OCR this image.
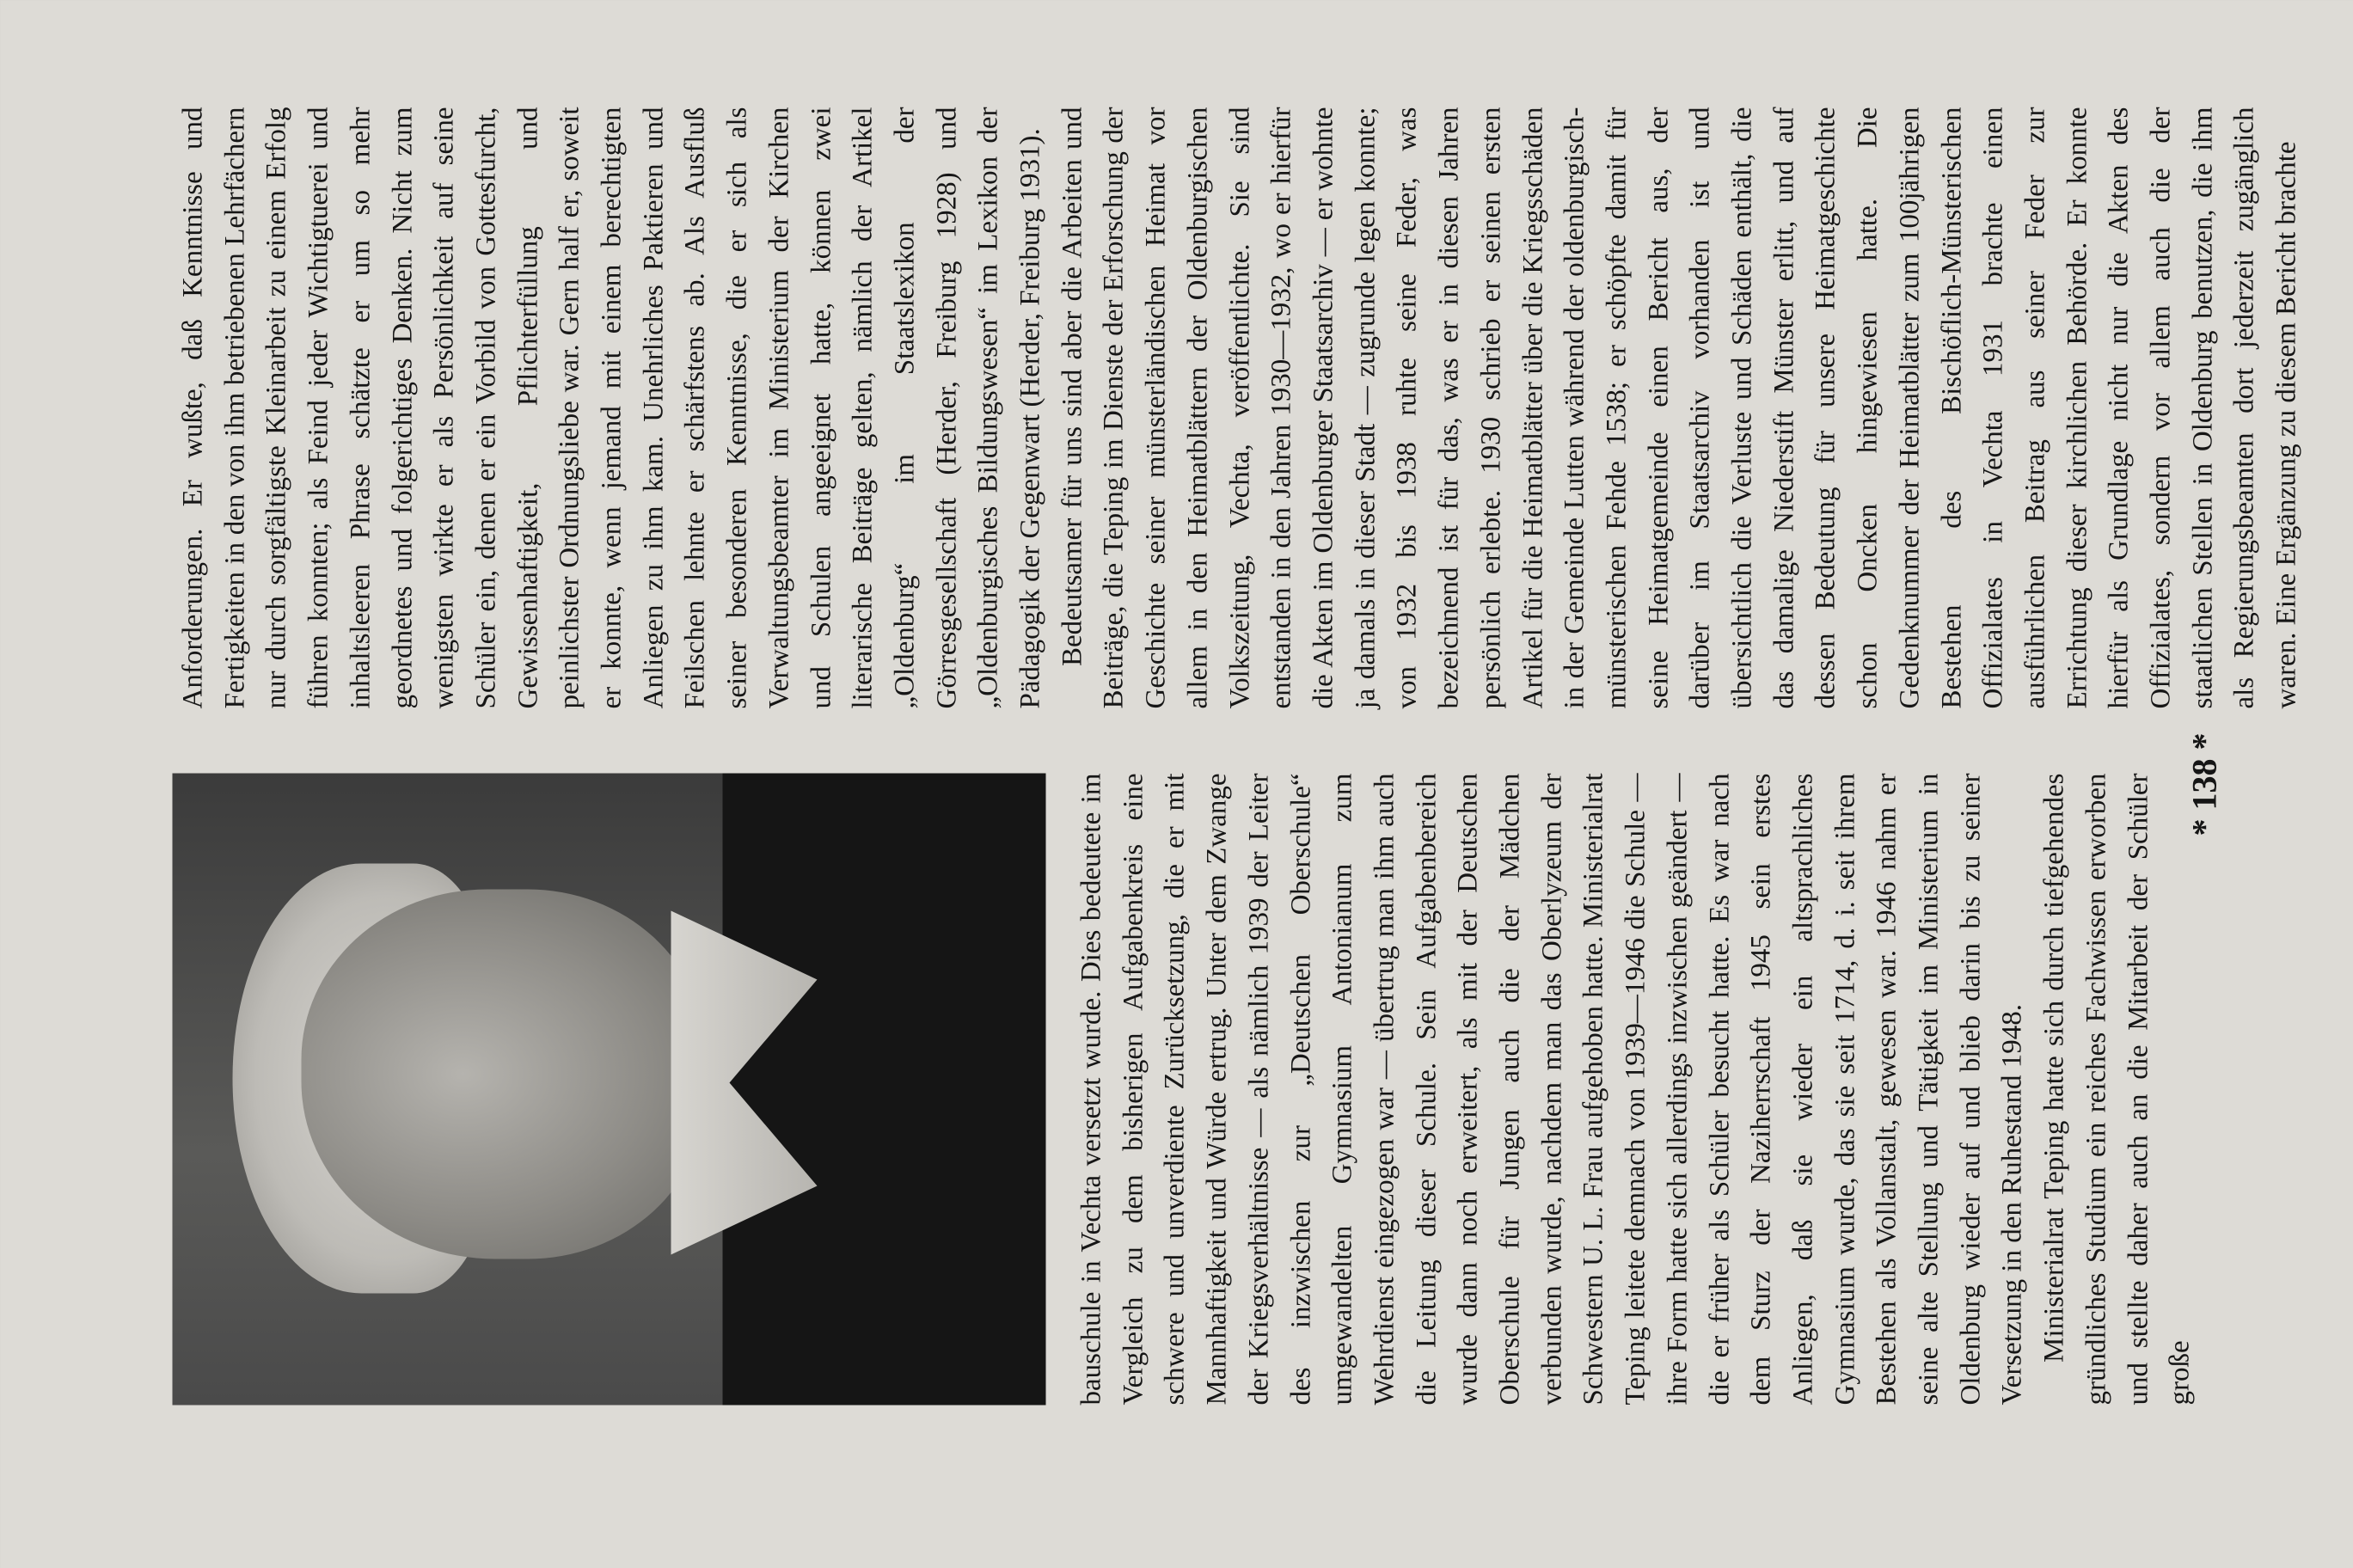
bauschule in Vechta versetzt wurde. Dies bedeutete im Vergleich zu dem bisherigen Aufgabenkreis eine schwere und unverdiente Zurücksetzung, die er mit Mannhaftigkeit und Würde ertrug. Unter dem Zwange der Kriegsverhältnisse — als nämlich 1939 der Leiter des inzwischen zur „Deutschen Oberschule“ umgewandelten Gymnasium Antonianum zum Wehrdienst eingezogen war — übertrug man ihm auch die Leitung dieser Schule. Sein Aufgabenbereich wurde dann noch erweitert, als mit der Deutschen Oberschule für Jungen auch die der Mädchen verbunden wurde, nachdem man das Oberlyzeum der Schwestern U. L. Frau aufgehoben hatte. Ministerialrat Teping leitete demnach von 1939—1946 die Schule — ihre Form hatte sich allerdings inzwischen geändert — die er früher als Schüler besucht hatte. Es war nach dem Sturz der Naziherrschaft 1945 sein erstes Anliegen, daß sie wieder ein altsprachliches Gymnasium wurde, das sie seit 1714, d. i. seit ihrem Bestehen als Vollanstalt, gewesen war. 1946 nahm er seine alte Stellung und Tätigkeit im Ministerium in Oldenburg wieder auf und blieb darin bis zu seiner Versetzung in den Ruhestand 1948. Ministerialrat Teping hatte sich durch tiefgehendes gründliches Studium ein reiches Fachwissen erworben und stellte daher auch an die Mitarbeit der Schüler große

Anforderungen. Er wußte, daß Kenntnisse und Fertigkeiten in den von ihm betriebenen Lehrfächern nur durch sorgfältigste Kleinarbeit zu einem Erfolg führen konnten; als Feind jeder Wichtigtuerei und inhaltsleeren Phrase schätzte er um so mehr geordnetes und folgerichtiges Denken. Nicht zum wenigsten wirkte er als Persönlichkeit auf seine Schüler ein, denen er ein Vorbild von Gottesfurcht, Gewissenhaftigkeit, Pflichterfüllung und peinlichster Ordnungsliebe war. Gern half er, soweit er konnte, wenn jemand mit einem berechtigten Anliegen zu ihm kam. Unehrliches Paktieren und Feilschen lehnte er schärfstens ab. Als Ausfluß seiner besonderen Kenntnisse, die er sich als Verwaltungsbeamter im Ministerium der Kirchen und Schulen angeeignet hatte, können zwei literarische Beiträge gelten, nämlich der Artikel „Oldenburg“ im Staatslexikon der Görresgesellschaft (Herder, Freiburg 1928) und „Oldenburgisches Bildungswesen“ im Lexikon der Pädagogik der Gegenwart (Herder, Freiburg 1931). Bedeutsamer für uns sind aber die Arbeiten und Beiträge, die Teping im Dienste der Erforschung der Geschichte seiner münsterländischen Heimat vor allem in den Heimatblättern der Oldenburgischen Volkszeitung, Vechta, veröffentlichte. Sie sind entstanden in den Jahren 1930—1932, wo er hierfür die Akten im Oldenburger Staatsarchiv — er wohnte ja damals in dieser Stadt — zugrunde legen konnte; von 1932 bis 1938 ruhte seine Feder, was bezeichnend ist für das, was er in diesen Jahren persönlich erlebte. 1930 schrieb er seinen ersten Artikel für die Heimatblätter über die Kriegsschäden in der Gemeinde Lutten während der oldenburgisch-münsterischen Fehde 1538; er schöpfte damit für seine Heimatgemeinde einen Bericht aus, der darüber im Staatsarchiv vorhanden ist und übersichtlich die Verluste und Schäden enthält, die das damalige Niederstift Münster erlitt, und auf dessen Bedeutung für unsere Heimatgeschichte schon Oncken hingewiesen hatte. Die Gedenknummer der Heimatblätter zum 100jährigen Bestehen des Bischöflich-Münsterischen Offizialates in Vechta 1931 brachte einen ausführlichen Beitrag aus seiner Feder zur Errichtung dieser kirchlichen Behörde. Er konnte hierfür als Grundlage nicht nur die Akten des Offizialates, sondern vor allem auch die der staatlichen Stellen in Oldenburg benutzen, die ihm als Regierungsbeamten dort jederzeit zugänglich waren. Eine Ergänzung zu diesem Bericht brachte

* 138 *
